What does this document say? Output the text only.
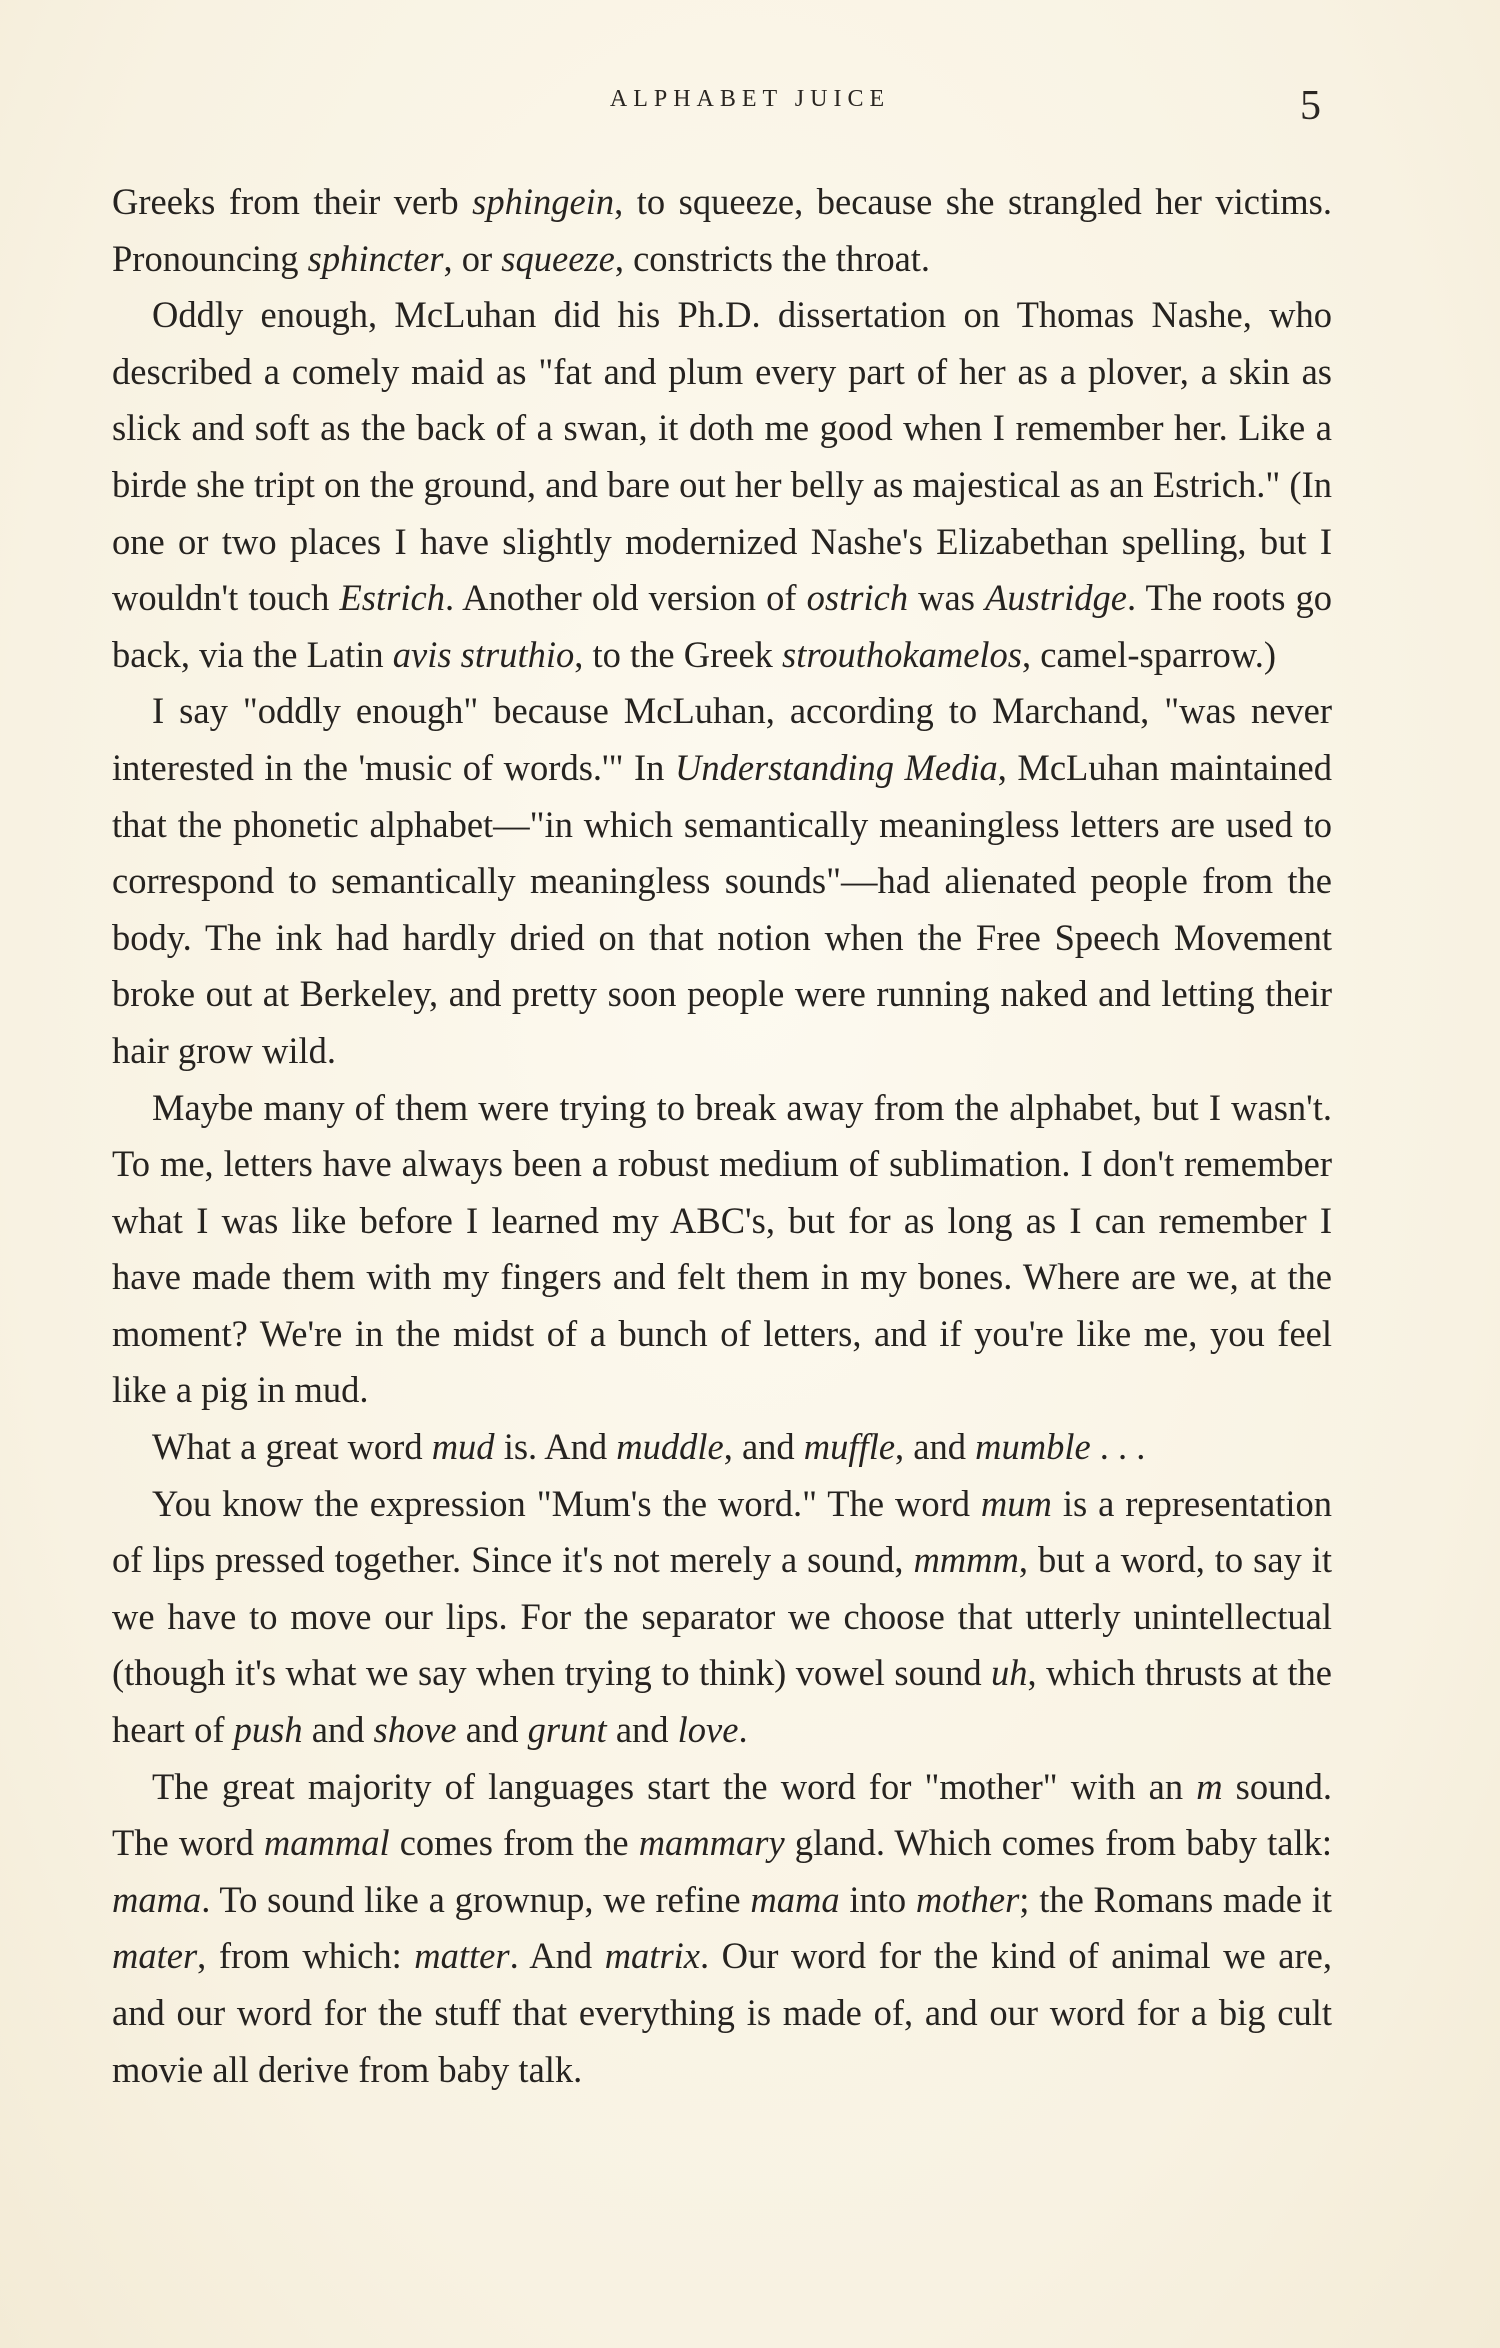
ALPHABET JUICE	5

Greeks from their verb sphingein, to squeeze, because she strangled her victims. Pronouncing sphincter, or squeeze, constricts the throat.

Oddly enough, McLuhan did his Ph.D. dissertation on Thomas Nashe, who described a comely maid as "fat and plum every part of her as a plover, a skin as slick and soft as the back of a swan, it doth me good when I remember her. Like a birde she tript on the ground, and bare out her belly as majestical as an Estrich." (In one or two places I have slightly modernized Nashe's Elizabethan spelling, but I wouldn't touch Estrich. Another old version of ostrich was Austridge. The roots go back, via the Latin avis struthio, to the Greek strouthokamelos, camel-sparrow.)

I say "oddly enough" because McLuhan, according to Marchand, "was never interested in the 'music of words.'" In Understanding Media, McLuhan maintained that the phonetic alphabet—"in which semantically meaningless letters are used to correspond to semantically meaningless sounds"—had alienated people from the body. The ink had hardly dried on that notion when the Free Speech Movement broke out at Berkeley, and pretty soon people were running naked and letting their hair grow wild.

Maybe many of them were trying to break away from the alphabet, but I wasn't. To me, letters have always been a robust medium of sublimation. I don't remember what I was like before I learned my ABC's, but for as long as I can remember I have made them with my fingers and felt them in my bones. Where are we, at the moment? We're in the midst of a bunch of letters, and if you're like me, you feel like a pig in mud.

What a great word mud is. And muddle, and muffle, and mumble . . .

You know the expression "Mum's the word." The word mum is a representation of lips pressed together. Since it's not merely a sound, mmmm, but a word, to say it we have to move our lips. For the separator we choose that utterly unintellectual (though it's what we say when trying to think) vowel sound uh, which thrusts at the heart of push and shove and grunt and love.

The great majority of languages start the word for "mother" with an m sound. The word mammal comes from the mammary gland. Which comes from baby talk: mama. To sound like a grownup, we refine mama into mother; the Romans made it mater, from which: matter. And matrix. Our word for the kind of animal we are, and our word for the stuff that everything is made of, and our word for a big cult movie all derive from baby talk.
